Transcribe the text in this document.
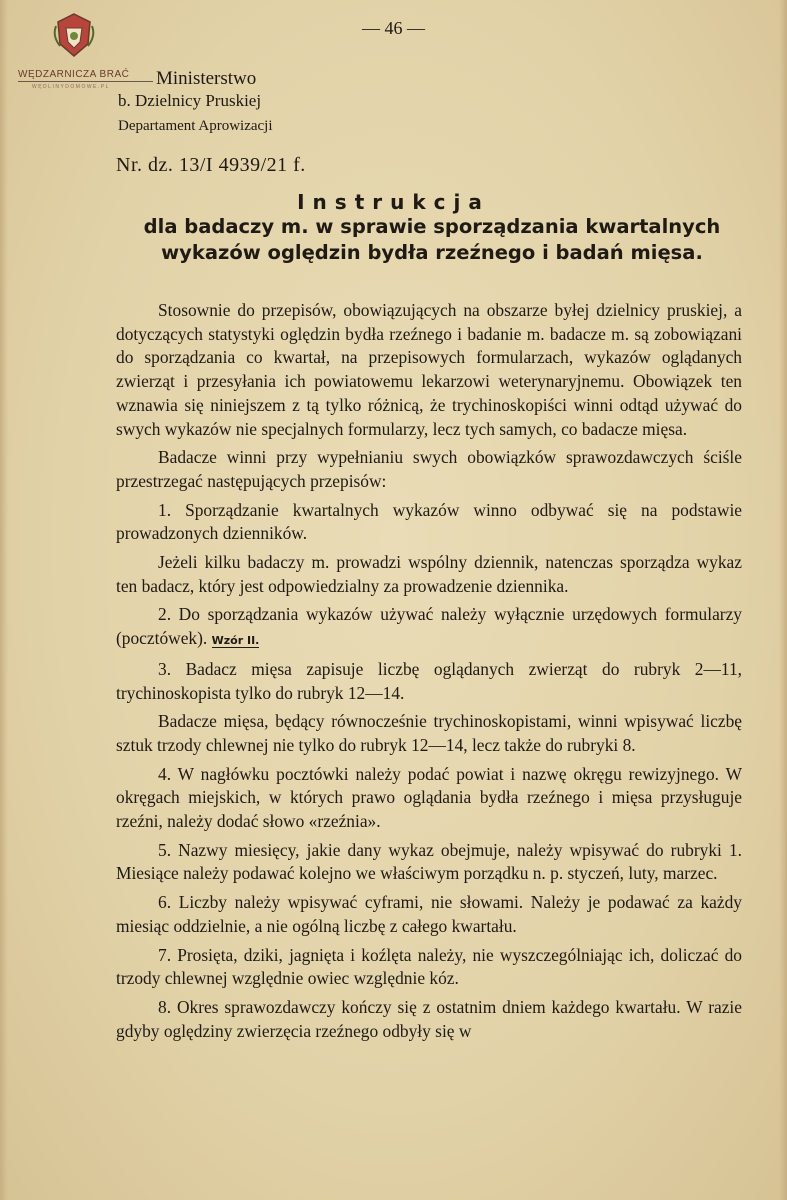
WĘDZARNICZA BRAĆ
WĘDLINYDOMOWE.PL
— 46 —
Ministerstwo
b. Dzielnicy Pruskiej
Departament Aprowizacji
Nr. dz. 13/I 4939/21 f.
Instrukcja
dla badaczy m. w sprawie sporządzania kwartalnych wykazów oględzin bydła rzeźnego i badań mięsa.

Stosownie do przepisów, obowiązujących na obszarze byłej dzielnicy pruskiej, a dotyczących statystyki oględzin bydła rzeźnego i badanie m. badacze m. są zobowiązani do sporządzania co kwartał, na przepisowych formularzach, wykazów oglądanych zwierząt i przesyłania ich powiatowemu lekarzowi weterynaryjnemu. Obowiązek ten wznawia się niniejszem z tą tylko różnicą, że trychinoskopiści winni odtąd używać do swych wykazów nie specjalnych formularzy, lecz tych samych, co badacze mięsa.

Badacze winni przy wypełnianiu swych obowiązków sprawozdawczych ściśle przestrzegać następujących przepisów:

1. Sporządzanie kwartalnych wykazów winno odbywać się na podstawie prowadzonych dzienników.

Jeżeli kilku badaczy m. prowadzi wspólny dziennik, natenczas sporządza wykaz ten badacz, który jest odpowiedzialny za prowadzenie dziennika.

2. Do sporządzania wykazów używać należy wyłącznie urzędowych formularzy (pocztówek). Wzór II.

3. Badacz mięsa zapisuje liczbę oglądanych zwierząt do rubryk 2—11, trychinoskopista tylko do rubryk 12—14.

Badacze mięsa, będący równocześnie trychinoskopistami, winni wpisywać liczbę sztuk trzody chlewnej nie tylko do rubryk 12—14, lecz także do rubryki 8.

4. W nagłówku pocztówki należy podać powiat i nazwę okręgu rewizyjnego. W okręgach miejskich, w których prawo oglądania bydła rzeźnego i mięsa przysługuje rzeźni, należy dodać słowo «rzeźnia».

5. Nazwy miesięcy, jakie dany wykaz obejmuje, należy wpisywać do rubryki 1. Miesiące należy podawać kolejno we właściwym porządku n. p. styczeń, luty, marzec.

6. Liczby należy wpisywać cyframi, nie słowami. Należy je podawać za każdy miesiąc oddzielnie, a nie ogólną liczbę z całego kwartału.

7. Prosięta, dziki, jagnięta i koźlęta należy, nie wyszczególniając ich, doliczać do trzody chlewnej względnie owiec względnie kóz.

8. Okres sprawozdawczy kończy się z ostatnim dniem każdego kwartału. W razie gdyby oględziny zwierzęcia rzeźnego odbyły się w
